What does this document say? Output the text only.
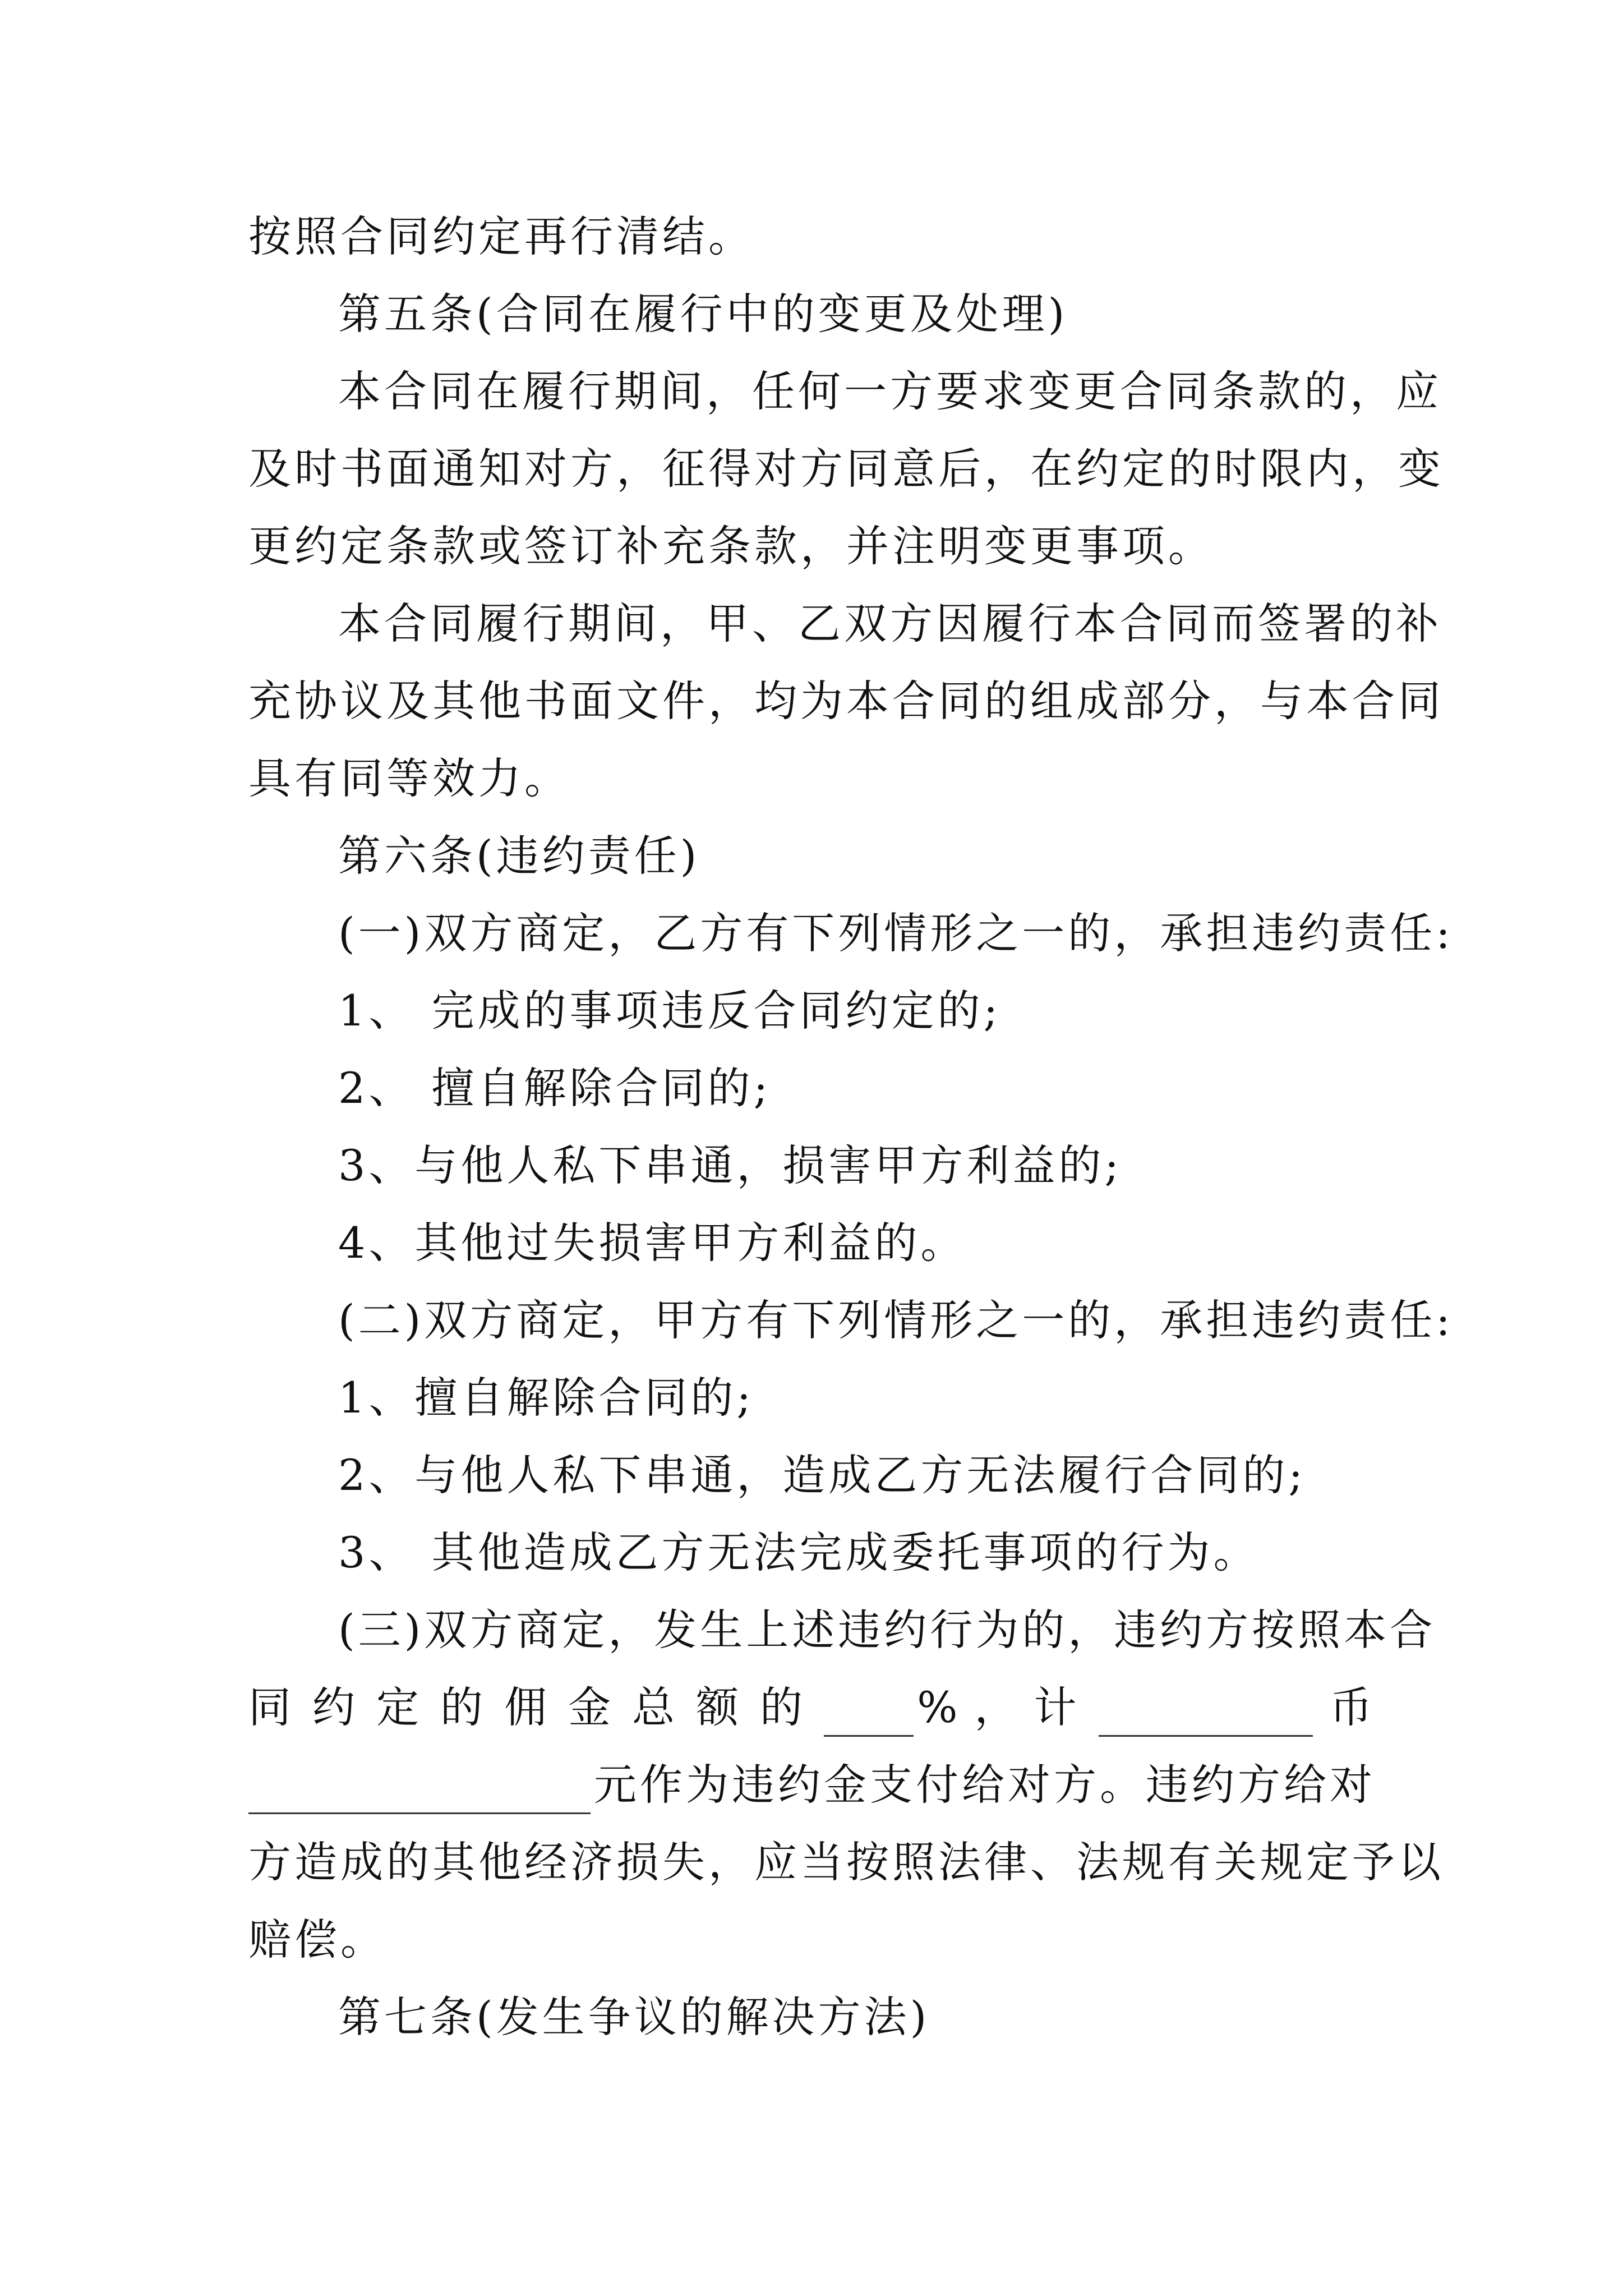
按照合同约定再行清结。
第五条(合同在履行中的变更及处理)
本合同在履行期间，任何一方要求变更合同条款的，应
及时书面通知对方，征得对方同意后，在约定的时限内，变
更约定条款或签订补充条款，并注明变更事项。
本合同履行期间，甲、乙双方因履行本合同而签署的补
充协议及其他书面文件，均为本合同的组成部分，与本合同
具有同等效力。
第六条(违约责任)
(一)双方商定，乙方有下列情形之一的，承担违约责任:
1、 完成的事项违反合同约定的;
2、 擅自解除合同的;
3、与他人私下串通，损害甲方利益的;
4、其他过失损害甲方利益的。
(二)双方商定，甲方有下列情形之一的，承担违约责任:
1、擅自解除合同的;
2、与他人私下串通，造成乙方无法履行合同的;
3、 其他造成乙方无法完成委托事项的行为。
(三)双方商定，发生上述违约行为的，违约方按照本合
同约定的佣金总额的 %，计	币
元作为违约金支付给对方。违约方给对
方造成的其他经济损失，应当按照法律、法规有关规定予以
赔偿。
第七条(发生争议的解决方法)
